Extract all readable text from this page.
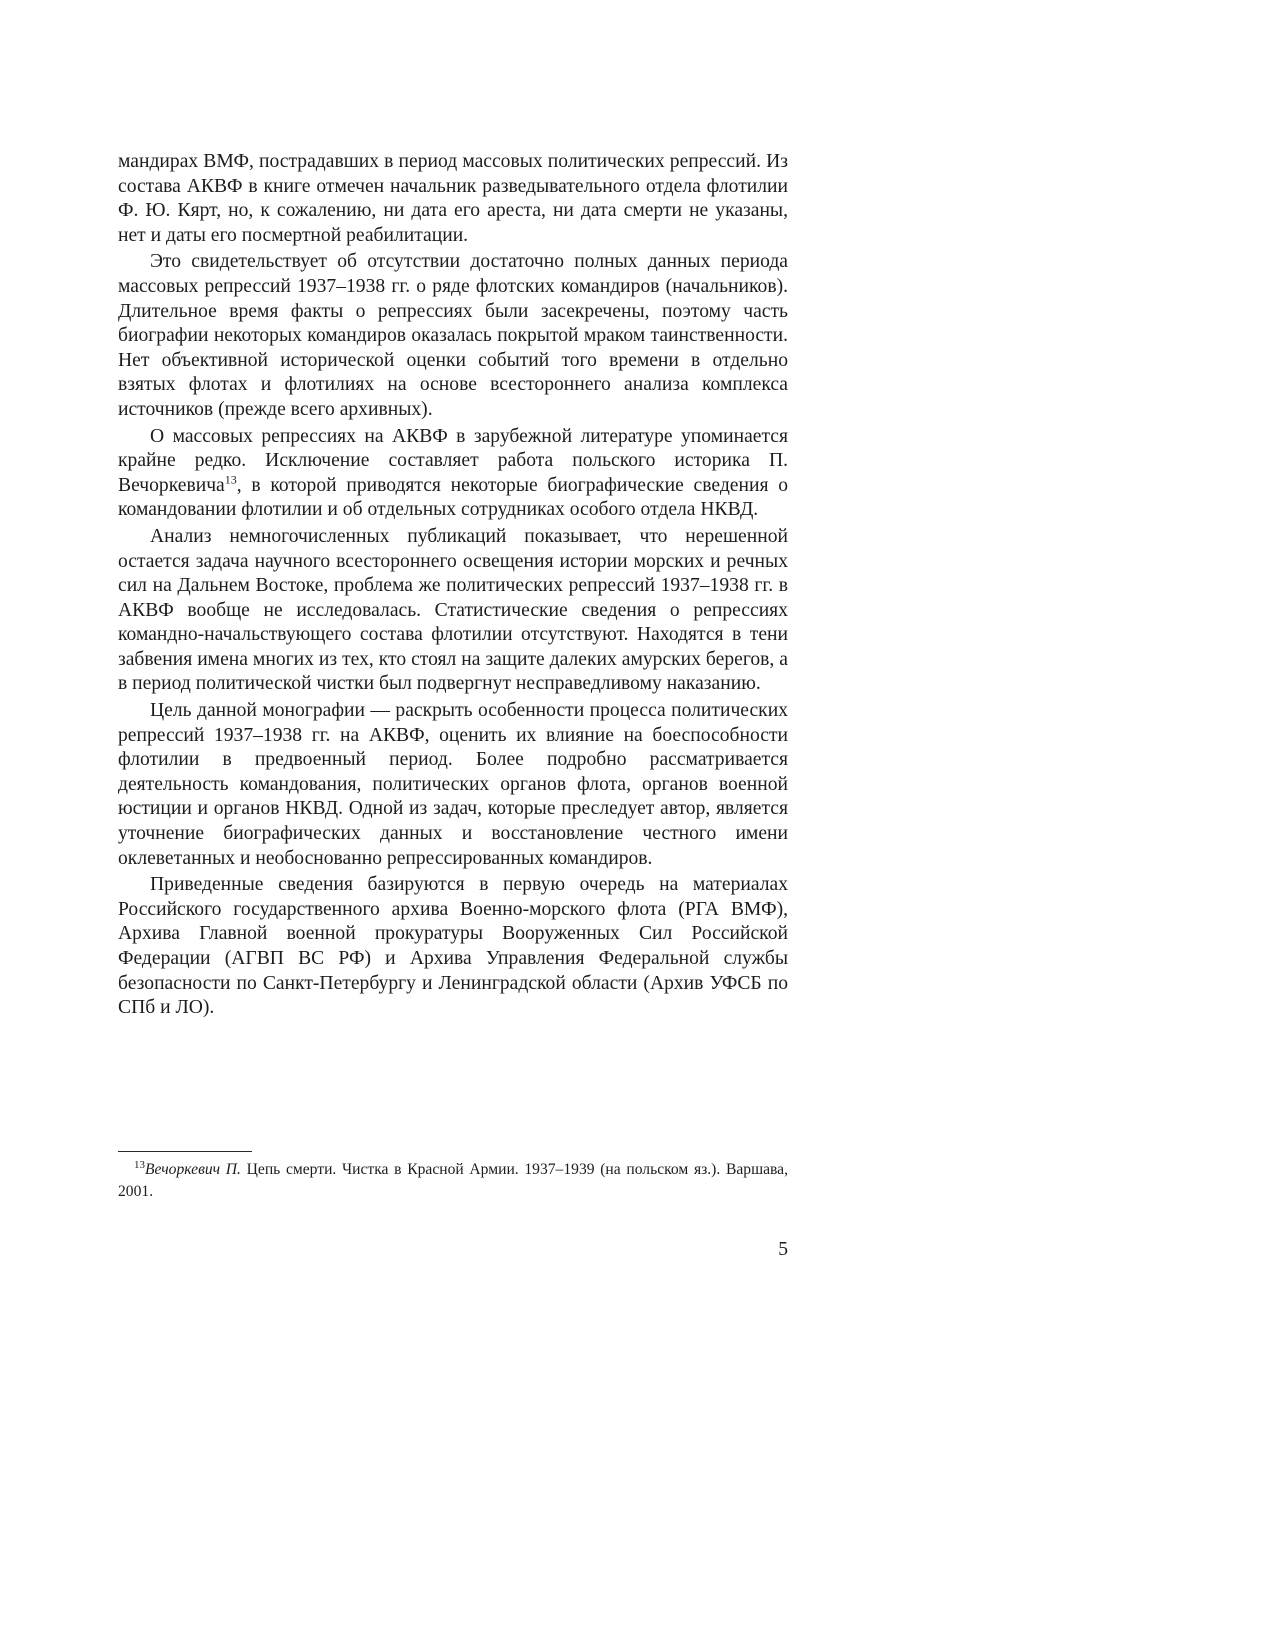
мандирах ВМФ, пострадавших в период массовых политических репрессий. Из состава АКВФ в книге отмечен начальник разведывательного отдела флотилии Ф. Ю. Кярт, но, к сожалению, ни дата его ареста, ни дата смерти не указаны, нет и даты его посмертной реабилитации.

Это свидетельствует об отсутствии достаточно полных данных периода массовых репрессий 1937–1938 гг. о ряде флотских командиров (начальников). Длительное время факты о репрессиях были засекречены, поэтому часть биографии некоторых командиров оказалась покрытой мраком таинственности. Нет объективной исторической оценки событий того времени в отдельно взятых флотах и флотилиях на основе всестороннего анализа комплекса источников (прежде всего архивных).

О массовых репрессиях на АКВФ в зарубежной литературе упоминается крайне редко. Исключение составляет работа польского историка П. Вечоркевича$^{13}$, в которой приводятся некоторые биографические сведения о командовании флотилии и об отдельных сотрудниках особого отдела НКВД.

Анализ немногочисленных публикаций показывает, что нерешенной остается задача научного всестороннего освещения истории морских и речных сил на Дальнем Востоке, проблема же политических репрессий 1937–1938 гг. в АКВФ вообще не исследовалась. Статистические сведения о репрессиях командно-начальствующего состава флотилии отсутствуют. Находятся в тени забвения имена многих из тех, кто стоял на защите далеких амурских берегов, а в период политической чистки был подвергнут несправедливому наказанию.

Цель данной монографии — раскрыть особенности процесса политических репрессий 1937–1938 гг. на АКВФ, оценить их влияние на боеспособности флотилии в предвоенный период. Более подробно рассматривается деятельность командования, политических органов флота, органов военной юстиции и органов НКВД. Одной из задач, которые преследует автор, является уточнение биографических данных и восстановление честного имени оклеветанных и необоснованно репрессированных командиров.

Приведенные сведения базируются в первую очередь на материалах Российского государственного архива Военно-морского флота (РГА ВМФ), Архива Главной военной прокуратуры Вооруженных Сил Российской Федерации (АГВП ВС РФ) и Архива Управления Федеральной службы безопасности по Санкт-Петербургу и Ленинградской области (Архив УФСБ по СПб и ЛО).

$^{13}$Вечоркевич П. Цепь смерти. Чистка в Красной Армии. 1937–1939 (на польском яз.). Варшава, 2001.

5
